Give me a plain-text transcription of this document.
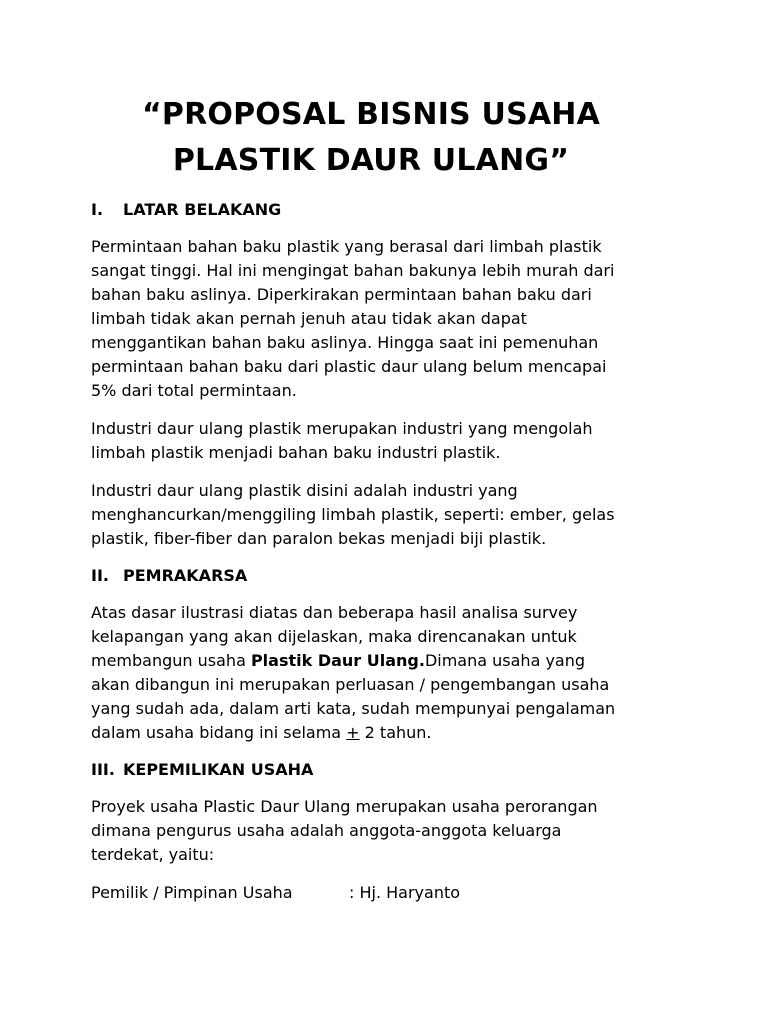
“PROPOSAL BISNIS USAHA
PLASTIK DAUR ULANG”
I.	LATAR BELAKANG
Permintaan bahan baku plastik yang berasal dari limbah plastik
sangat tinggi. Hal ini mengingat bahan bakunya lebih murah dari
bahan baku aslinya. Diperkirakan permintaan bahan baku dari
limbah tidak akan pernah jenuh atau tidak akan dapat
menggantikan bahan baku aslinya. Hingga saat ini pemenuhan
permintaan bahan baku dari plastic daur ulang belum mencapai
5% dari total permintaan.
Industri daur ulang plastik merupakan industri yang mengolah
limbah plastik menjadi bahan baku industri plastik.
Industri daur ulang plastik disini adalah industri yang
menghancurkan/menggiling limbah plastik, seperti: ember, gelas
plastik, fiber-fiber dan paralon bekas menjadi biji plastik.
II. PEMRAKARSA
Atas dasar ilustrasi diatas dan beberapa hasil analisa survey
kelapangan yang akan dijelaskan, maka direncanakan untuk
membangun usaha Plastik Daur Ulang.Dimana usaha yang
akan dibangun ini merupakan perluasan / pengembangan usaha
yang sudah ada, dalam arti kata, sudah mempunyai pengalaman
dalam usaha bidang ini selama + 2 tahun.
III. KEPEMILIKAN USAHA
Proyek usaha Plastic Daur Ulang merupakan usaha perorangan
dimana pengurus usaha adalah anggota-anggota keluarga
terdekat, yaitu:
Pemilik / Pimpinan Usaha	: Hj. Haryanto
